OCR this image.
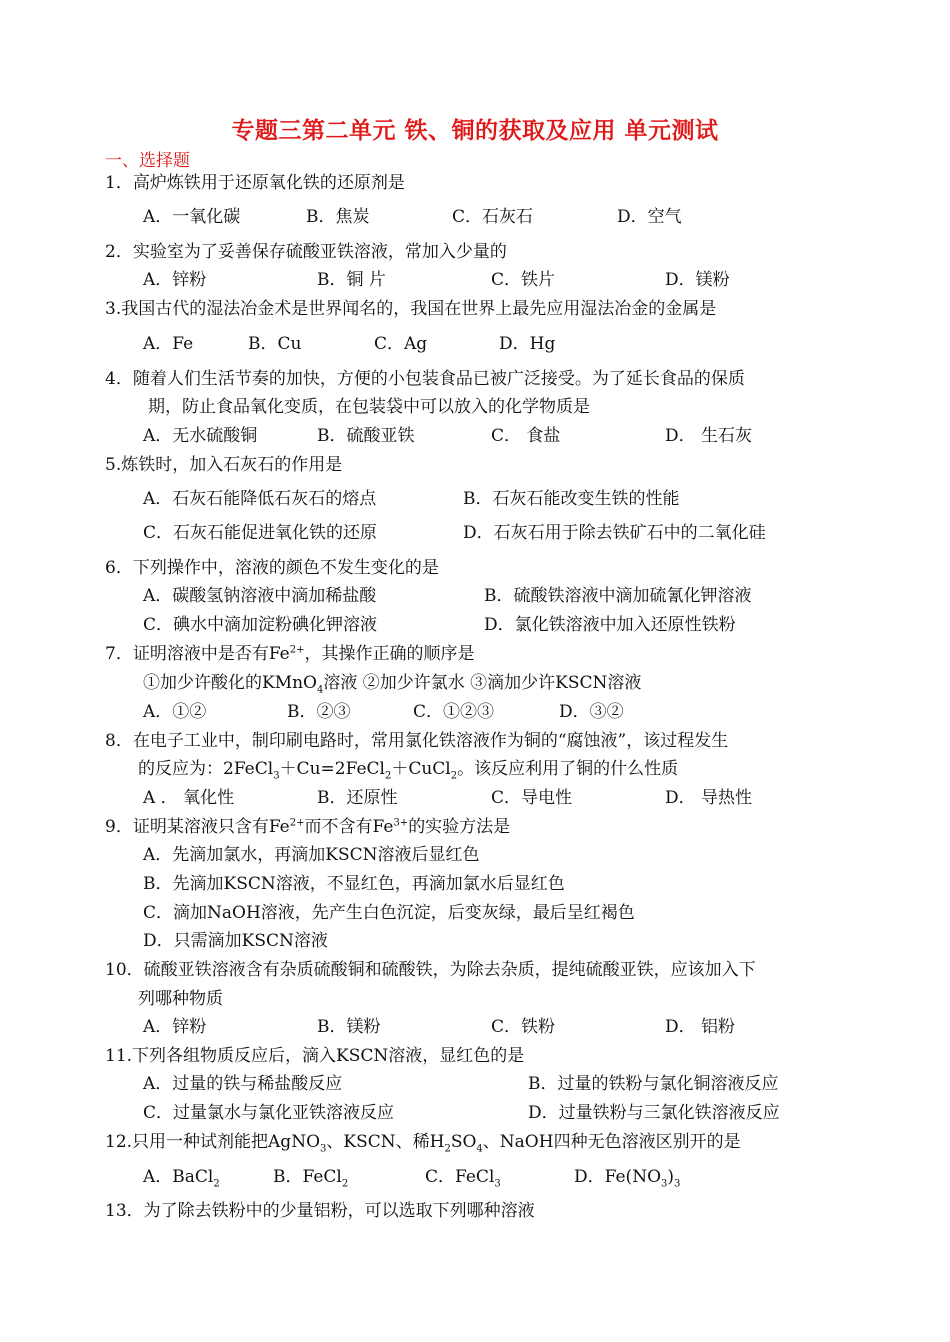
专题三第二单元 铁、铜的获取及应用 单元测试
一、选择题
1．高炉炼铁用于还原氧化铁的还原剂是
A．一氧化碳	B．焦炭	C．石灰石	D．空气
2．实验室为了妥善保存硫酸亚铁溶液，常加入少量的
A．锌粉	B．铜 片	C．铁片	D．镁粉
3.我国古代的湿法冶金术是世界闻名的，我国在世界上最先应用湿法冶金的金属是
A．Fe	B．Cu	C．Ag	D．Hg
4．随着人们生活节奏的加快，方便的小包装食品已被广泛接受。为了延长食品的保质
期，防止食品氧化变质，在包装袋中可以放入的化学物质是
A．无水硫酸铜	B．硫酸亚铁	C． 食盐	D． 生石灰
5.炼铁时，加入石灰石的作用是
A．石灰石能降低石灰石的熔点	B．石灰石能改变生铁的性能
C．石灰石能促进氧化铁的还原	D．石灰石用于除去铁矿石中的二氧化硅
6．下列操作中，溶液的颜色不发生变化的是
A．碳酸氢钠溶液中滴加稀盐酸	B．硫酸铁溶液中滴加硫氰化钾溶液
C．碘水中滴加淀粉碘化钾溶液	D．氯化铁溶液中加入还原性铁粉
7．证明溶液中是否有$Fe^{2+}$，其操作正确的顺序是
①加少许酸化的KMnO$_4$溶液 ②加少许氯水 ③滴加少许KSCN溶液
A．①②	B．②③	C．①②③	D．③②
8．在电子工业中，制印刷电路时，常用氯化铁溶液作为铜的“腐蚀液”，该过程发生
的反应为：2FeCl$_3$＋Cu=2FeCl$_2$＋CuCl$_2$。该反应利用了铜的什么性质
A ． 氧化性	B．还原性	C．导电性	D． 导热性
9．证明某溶液只含有$Fe^{2+}$而不含有$Fe^{3+}$的实验方法是
A．先滴加氯水，再滴加KSCN溶液后显红色
B．先滴加KSCN溶液，不显红色，再滴加氯水后显红色
C．滴加NaOH溶液，先产生白色沉淀，后变灰绿，最后呈红褐色
D．只需滴加KSCN溶液
10．硫酸亚铁溶液含有杂质硫酸铜和硫酸铁，为除去杂质，提纯硫酸亚铁，应该加入下
列哪种物质
A．锌粉	B．镁粉	C．铁粉	D． 铝粉
11.下列各组物质反应后，滴入KSCN溶液，显红色的是
A．过量的铁与稀盐酸反应	B．过量的铁粉与氯化铜溶液反应
C．过量氯水与氯化亚铁溶液反应	D．过量铁粉与三氯化铁溶液反应
12.只用一种试剂能把AgNO$_3$、KSCN、稀$H_2SO_4$、NaOH四种无色溶液区别开的是
A．BaCl$_2$	B．FeCl$_2$	C．FeCl$_3$	D．$Fe(NO_3)_3$
13．为了除去铁粉中的少量铝粉，可以选取下列哪种溶液
